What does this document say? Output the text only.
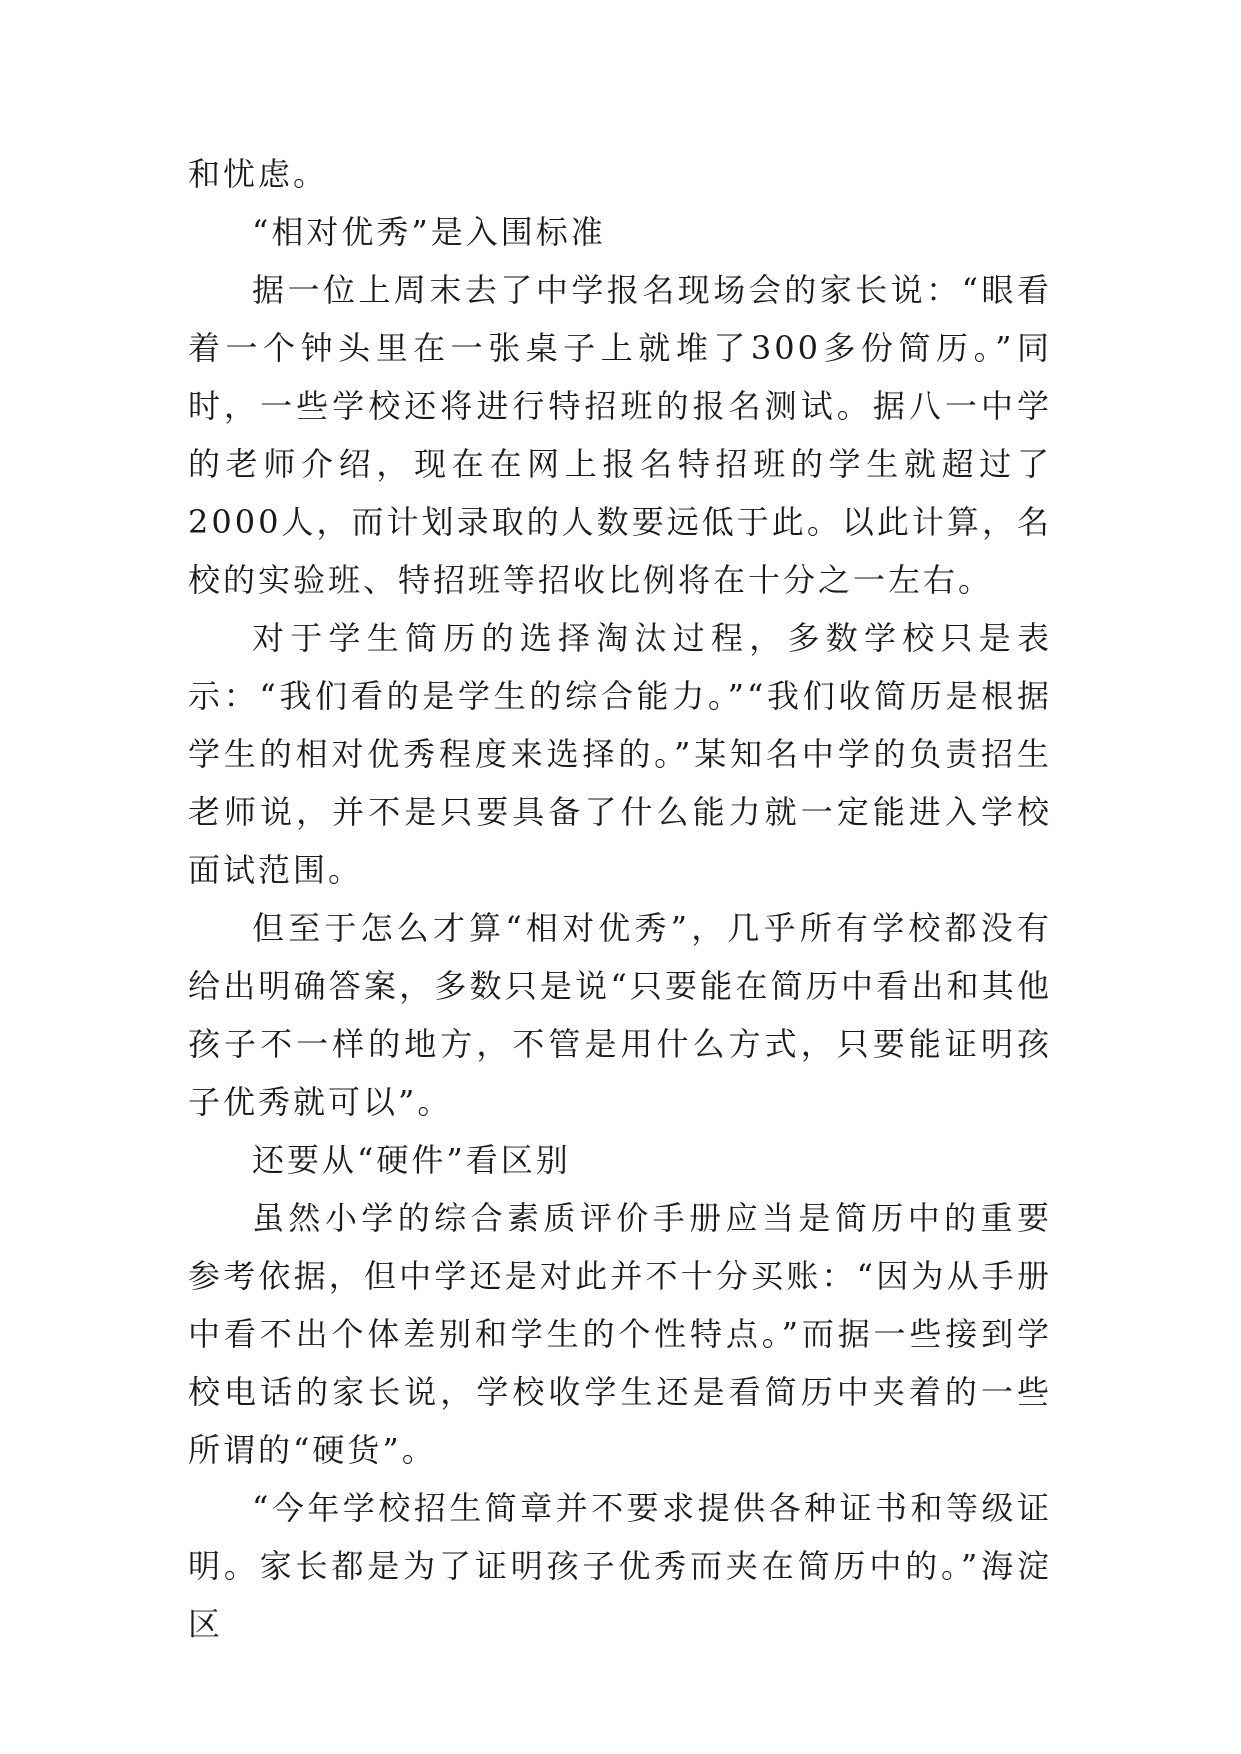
和忧虑。

“相对优秀”是入围标准

据一位上周末去了中学报名现场会的家长说：“眼看着一个钟头里在一张桌子上就堆了300多份简历。”同时，一些学校还将进行特招班的报名测试。据八一中学的老师介绍，现在在网上报名特招班的学生就超过了2000人，而计划录取的人数要远低于此。以此计算，名校的实验班、特招班等招收比例将在十分之一左右。

对于学生简历的选择淘汰过程，多数学校只是表示：“我们看的是学生的综合能力。”“我们收简历是根据学生的相对优秀程度来选择的。”某知名中学的负责招生老师说，并不是只要具备了什么能力就一定能进入学校面试范围。

但至于怎么才算“相对优秀”，几乎所有学校都没有给出明确答案，多数只是说“只要能在简历中看出和其他孩子不一样的地方，不管是用什么方式，只要能证明孩子优秀就可以”。

还要从“硬件”看区别

虽然小学的综合素质评价手册应当是简历中的重要参考依据，但中学还是对此并不十分买账：“因为从手册中看不出个体差别和学生的个性特点。”而据一些接到学校电话的家长说，学校收学生还是看简历中夹着的一些所谓的“硬货”。

“今年学校招生简章并不要求提供各种证书和等级证明。家长都是为了证明孩子优秀而夹在简历中的。”海淀区
